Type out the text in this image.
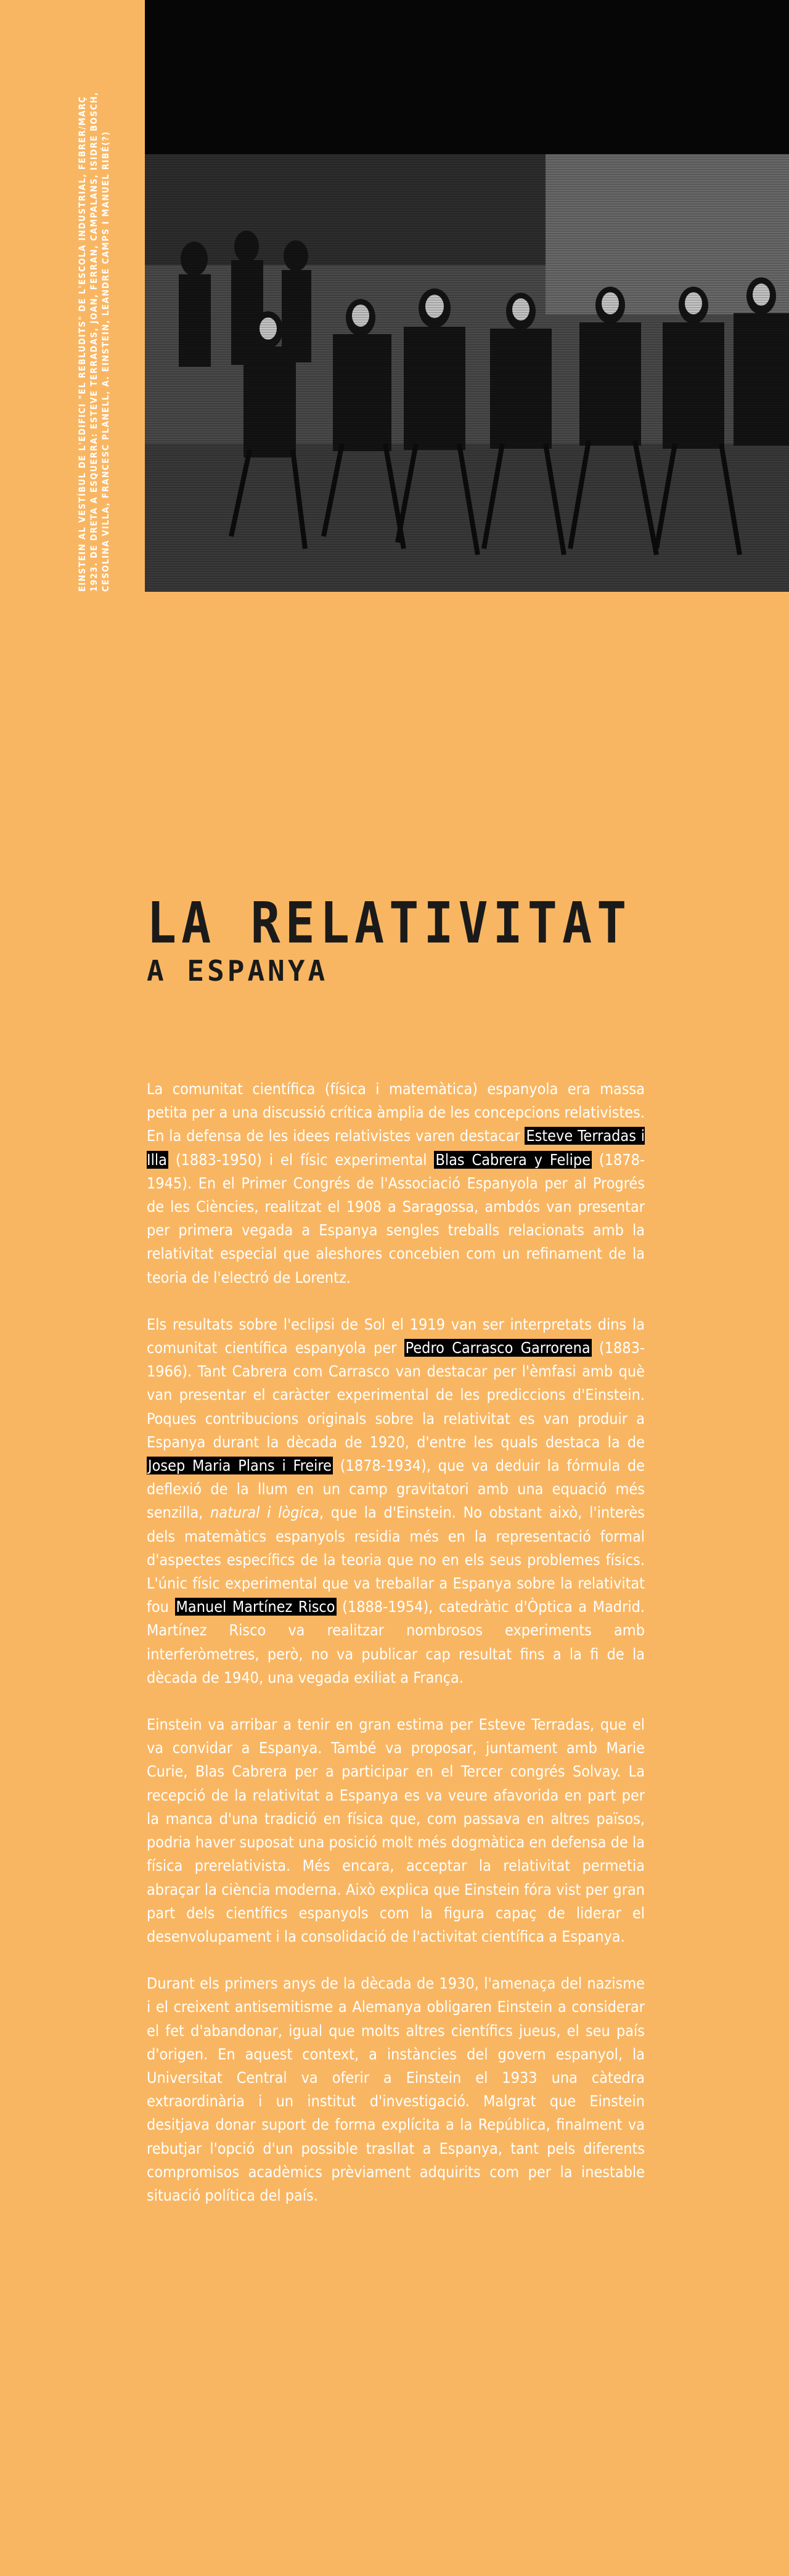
EINSTEIN AL VESTÍBUL DE L'EDIFICI "EL REBLUDITS" DE L'ESCOLA INDUSTRIAL, FEBRER/MARÇ 1923. DE DRETA A ESQUERRA: ESTEVE TERRADAS, JOAN, FERRAN, CAMPALANS, ISIDRE BOSCH, CESOLINA VILLA, FRANCESC PLANELL, A. EINSTEIN, LEANDRE CAMPS I MANUEL RIBÉ(?)
LA RELATIVITAT
A ESPANYA

La comunitat científica (física i matemàtica) espanyola era massa petita per a una discussió crítica àmplia de les concepcions relativistes. En la defensa de les idees relativistes varen destacar Esteve Terradas i Illa (1883-1950) i el físic experimental Blas Cabrera y Felipe (1878-1945). En el Primer Congrés de l'Associació Espanyola per al Progrés de les Ciències, realitzat el 1908 a Saragossa, ambdós van presentar per primera vegada a Espanya sengles treballs relacionats amb la relativitat especial que aleshores concebien com un refinament de la teoria de l'electró de Lorentz.

Els resultats sobre l'eclipsi de Sol el 1919 van ser interpretats dins la comunitat científica espanyola per Pedro Carrasco Garrorena (1883-1966). Tant Cabrera com Carrasco van destacar per l'èmfasi amb què van presentar el caràcter experimental de les prediccions d'Einstein. Poques contribucions originals sobre la relativitat es van produir a Espanya durant la dècada de 1920, d'entre les quals destaca la de Josep Maria Plans i Freire (1878-1934), que va deduir la fórmula de deflexió de la llum en un camp gravitatori amb una equació més senzilla, natural i lògica, que la d'Einstein. No obstant això, l'interès dels matemàtics espanyols residia més en la representació formal d'aspectes específics de la teoria que no en els seus problemes físics. L'únic físic experimental que va treballar a Espanya sobre la relativitat fou Manuel Martínez Risco (1888-1954), catedràtic d'Òptica a Madrid. Martínez Risco va realitzar nombrosos experiments amb interferòmetres, però, no va publicar cap resultat fins a la fi de la dècada de 1940, una vegada exiliat a França.

Einstein va arribar a tenir en gran estima per Esteve Terradas, que el va convidar a Espanya. També va proposar, juntament amb Marie Curie, Blas Cabrera per a participar en el Tercer congrés Solvay. La recepció de la relativitat a Espanya es va veure afavorida en part per la manca d'una tradició en física que, com passava en altres països, podria haver suposat una posició molt més dogmàtica en defensa de la física prerelativista. Més encara, acceptar la relativitat permetia abraçar la ciència moderna. Això explica que Einstein fóra vist per gran part dels científics espanyols com la figura capaç de liderar el desenvolupament i la consolidació de l'activitat científica a Espanya.

Durant els primers anys de la dècada de 1930, l'amenaça del nazisme i el creixent antisemitisme a Alemanya obligaren Einstein a considerar el fet d'abandonar, igual que molts altres científics jueus, el seu país d'origen. En aquest context, a instàncies del govern espanyol, la Universitat Central va oferir a Einstein el 1933 una càtedra extraordinària i un institut d'investigació. Malgrat que Einstein desitjava donar suport de forma explícita a la República, finalment va rebutjar l'opció d'un possible trasllat a Espanya, tant pels diferents compromisos acadèmics prèviament adquirits com per la inestable situació política del país.
